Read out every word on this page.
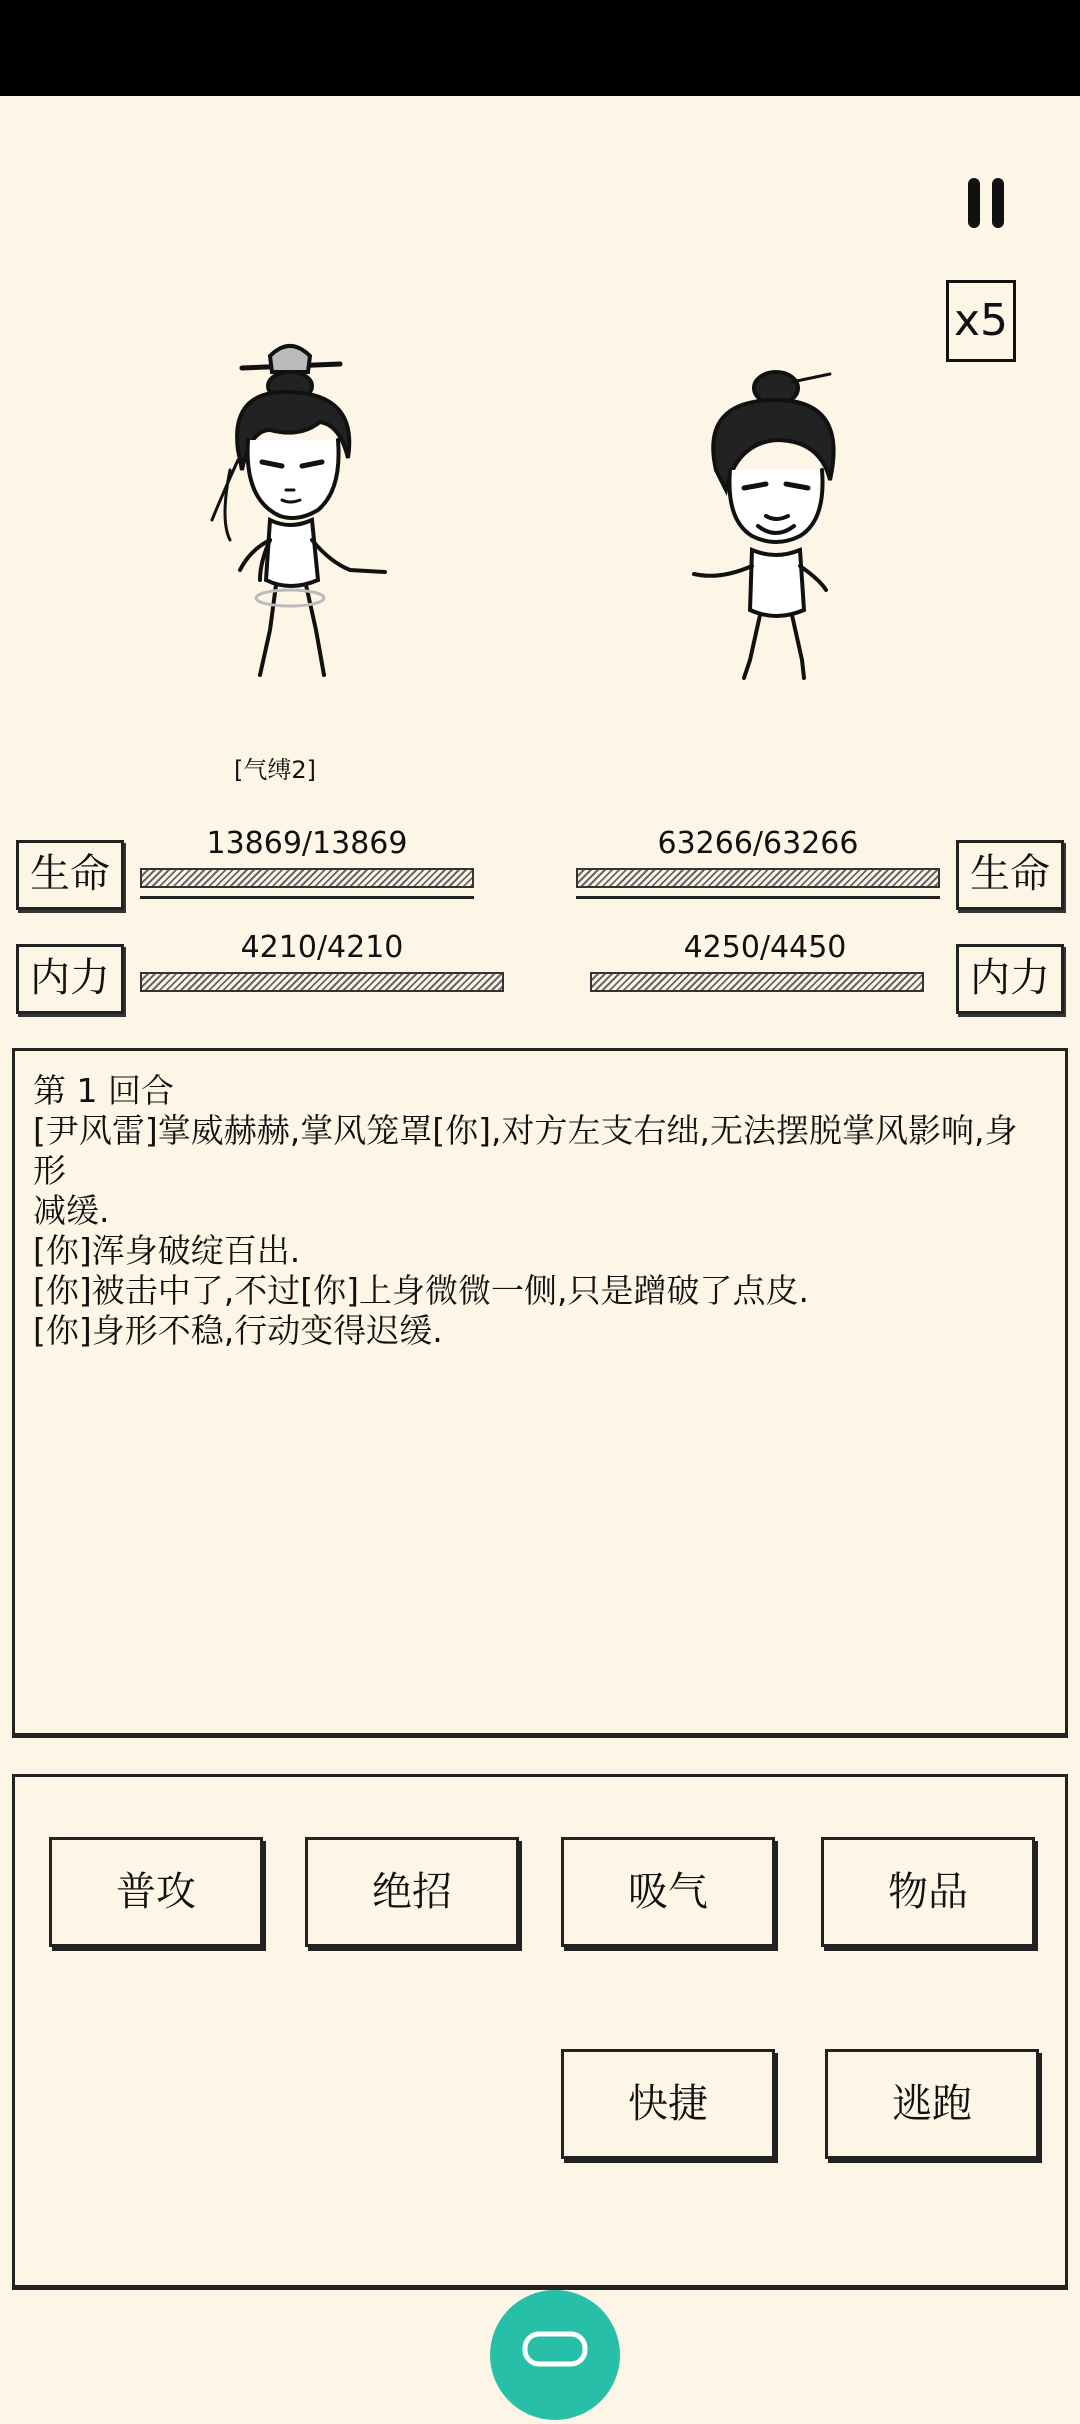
x5
[气缚2]
生命
13869/13869	63266/63266
生命
内力
4210/4210	4250/4450
内力

第 1 回合

[尹风雷]掌威赫赫,掌风笼罩[你],对方左支右绌,无法摆脱掌风影响,身形

减缓.

[你]浑身破绽百出.

[你]被击中了,不过[你]上身微微一侧,只是蹭破了点皮.

[你]身形不稳,行动变得迟缓.

普攻	绝招	吸气	物品
快捷	逃跑
